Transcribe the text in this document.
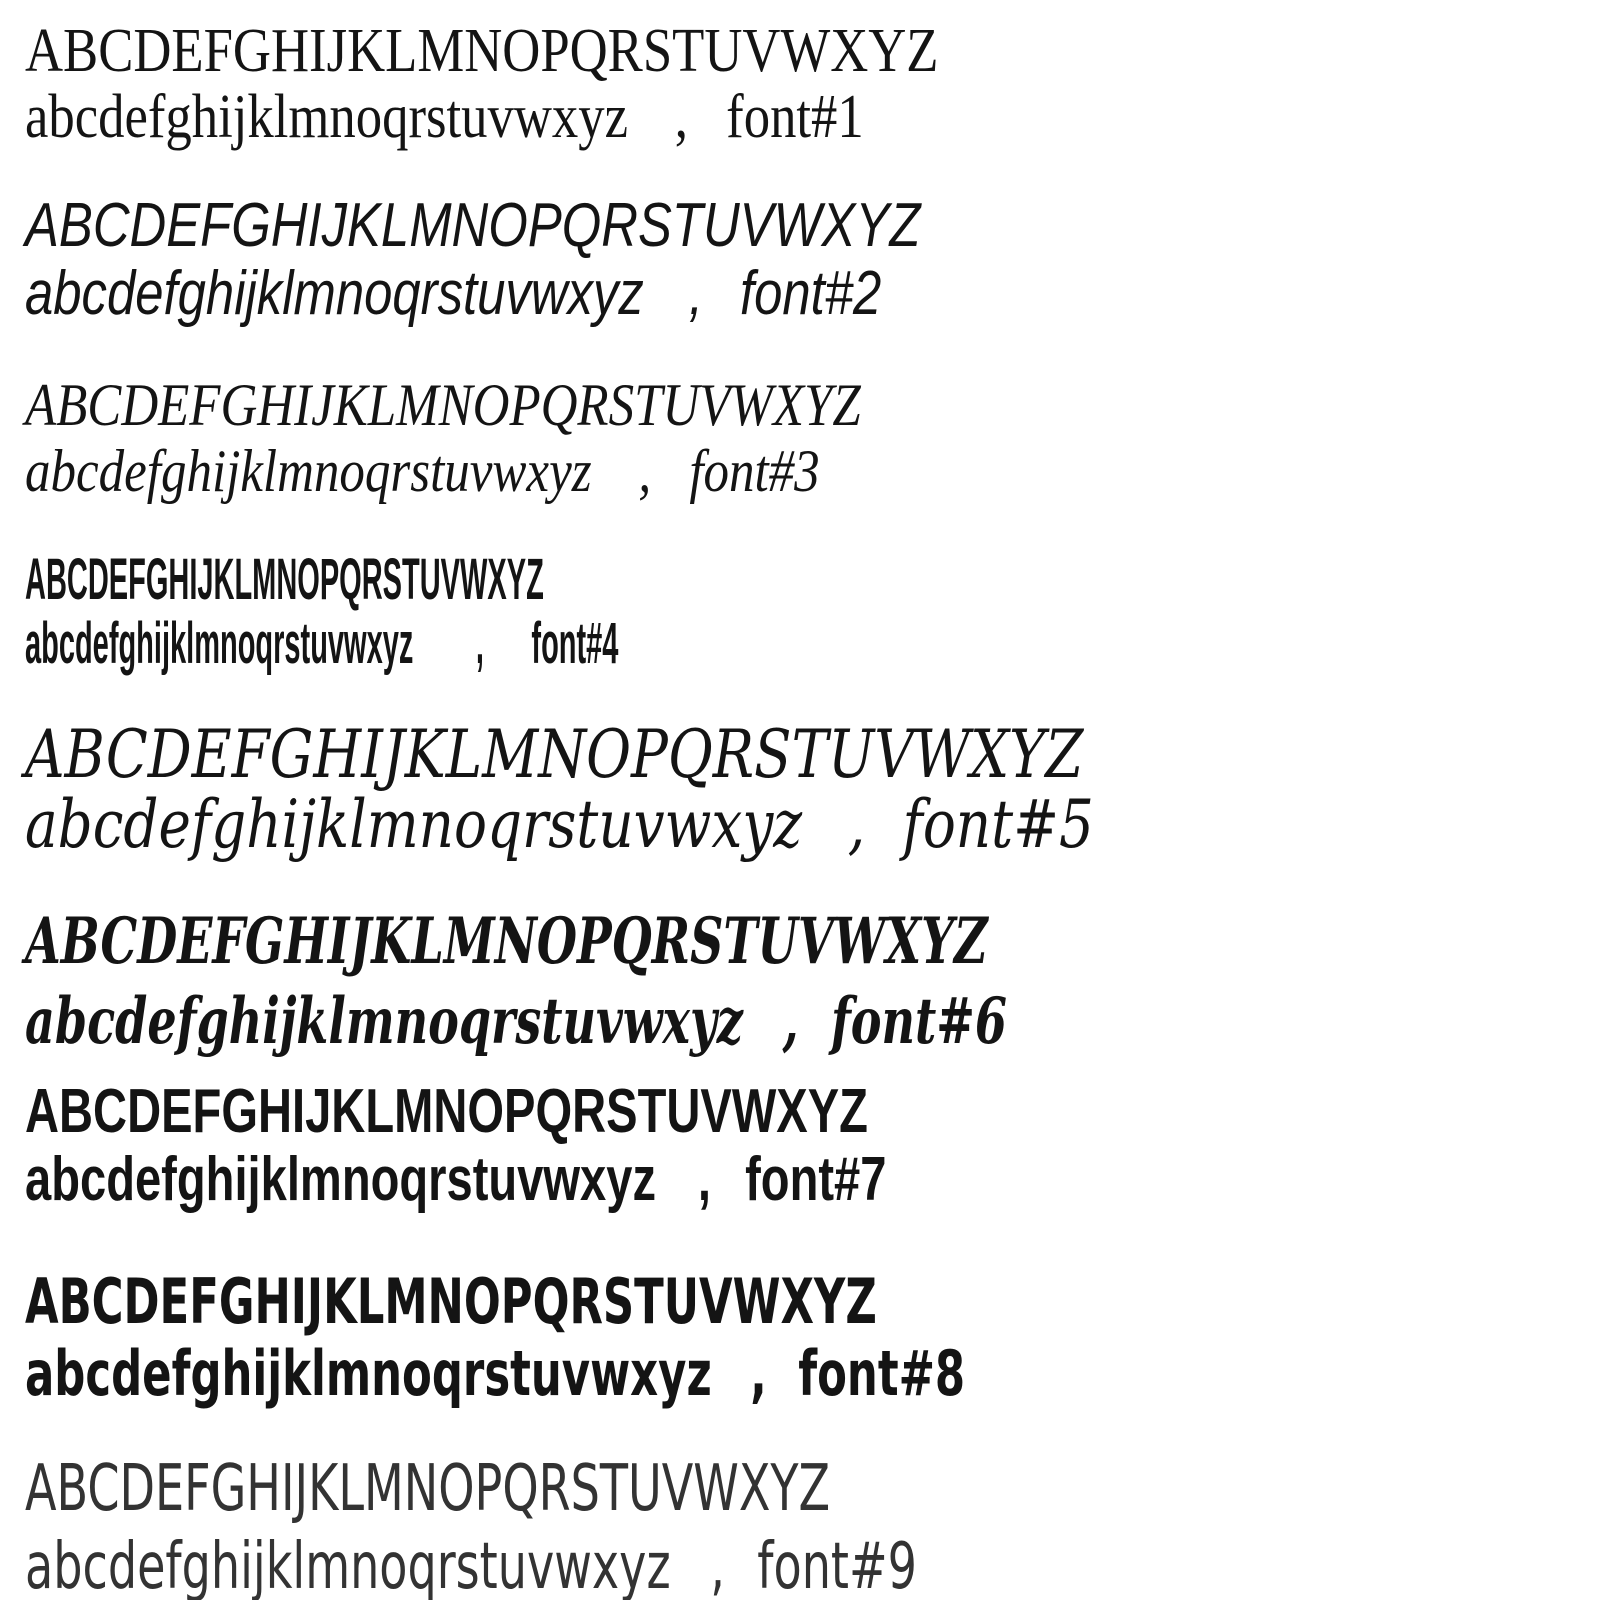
ABCDEFGHIJKLMNOPQRSTUVWXYZ
abcdefghijklmnoqrstuvwxyz , font#1
ABCDEFGHIJKLMNOPQRSTUVWXYZ
abcdefghijklmnoqrstuvwxyz , font#2
ABCDEFGHIJKLMNOPQRSTUVWXYZ
abcdefghijklmnoqrstuvwxyz , font#3
ABCDEFGHIJKLMNOPQRSTUVWXYZ
abcdefghijklmnoqrstuvwxyz , font#4
ABCDEFGHIJKLMNOPQRSTUVWXYZ
abcdefghijklmnoqrstuvwxyz , font#5
ABCDEFGHIJKLMNOPQRSTUVWXYZ
abcdefghijklmnoqrstuvwxyz , font#6
ABCDEFGHIJKLMNOPQRSTUVWXYZ
abcdefghijklmnoqrstuvwxyz , font#7
ABCDEFGHIJKLMNOPQRSTUVWXYZ
abcdefghijklmnoqrstuvwxyz , font#8
ABCDEFGHIJKLMNOPQRSTUVWXYZ
abcdefghijklmnoqrstuvwxyz , font#9
